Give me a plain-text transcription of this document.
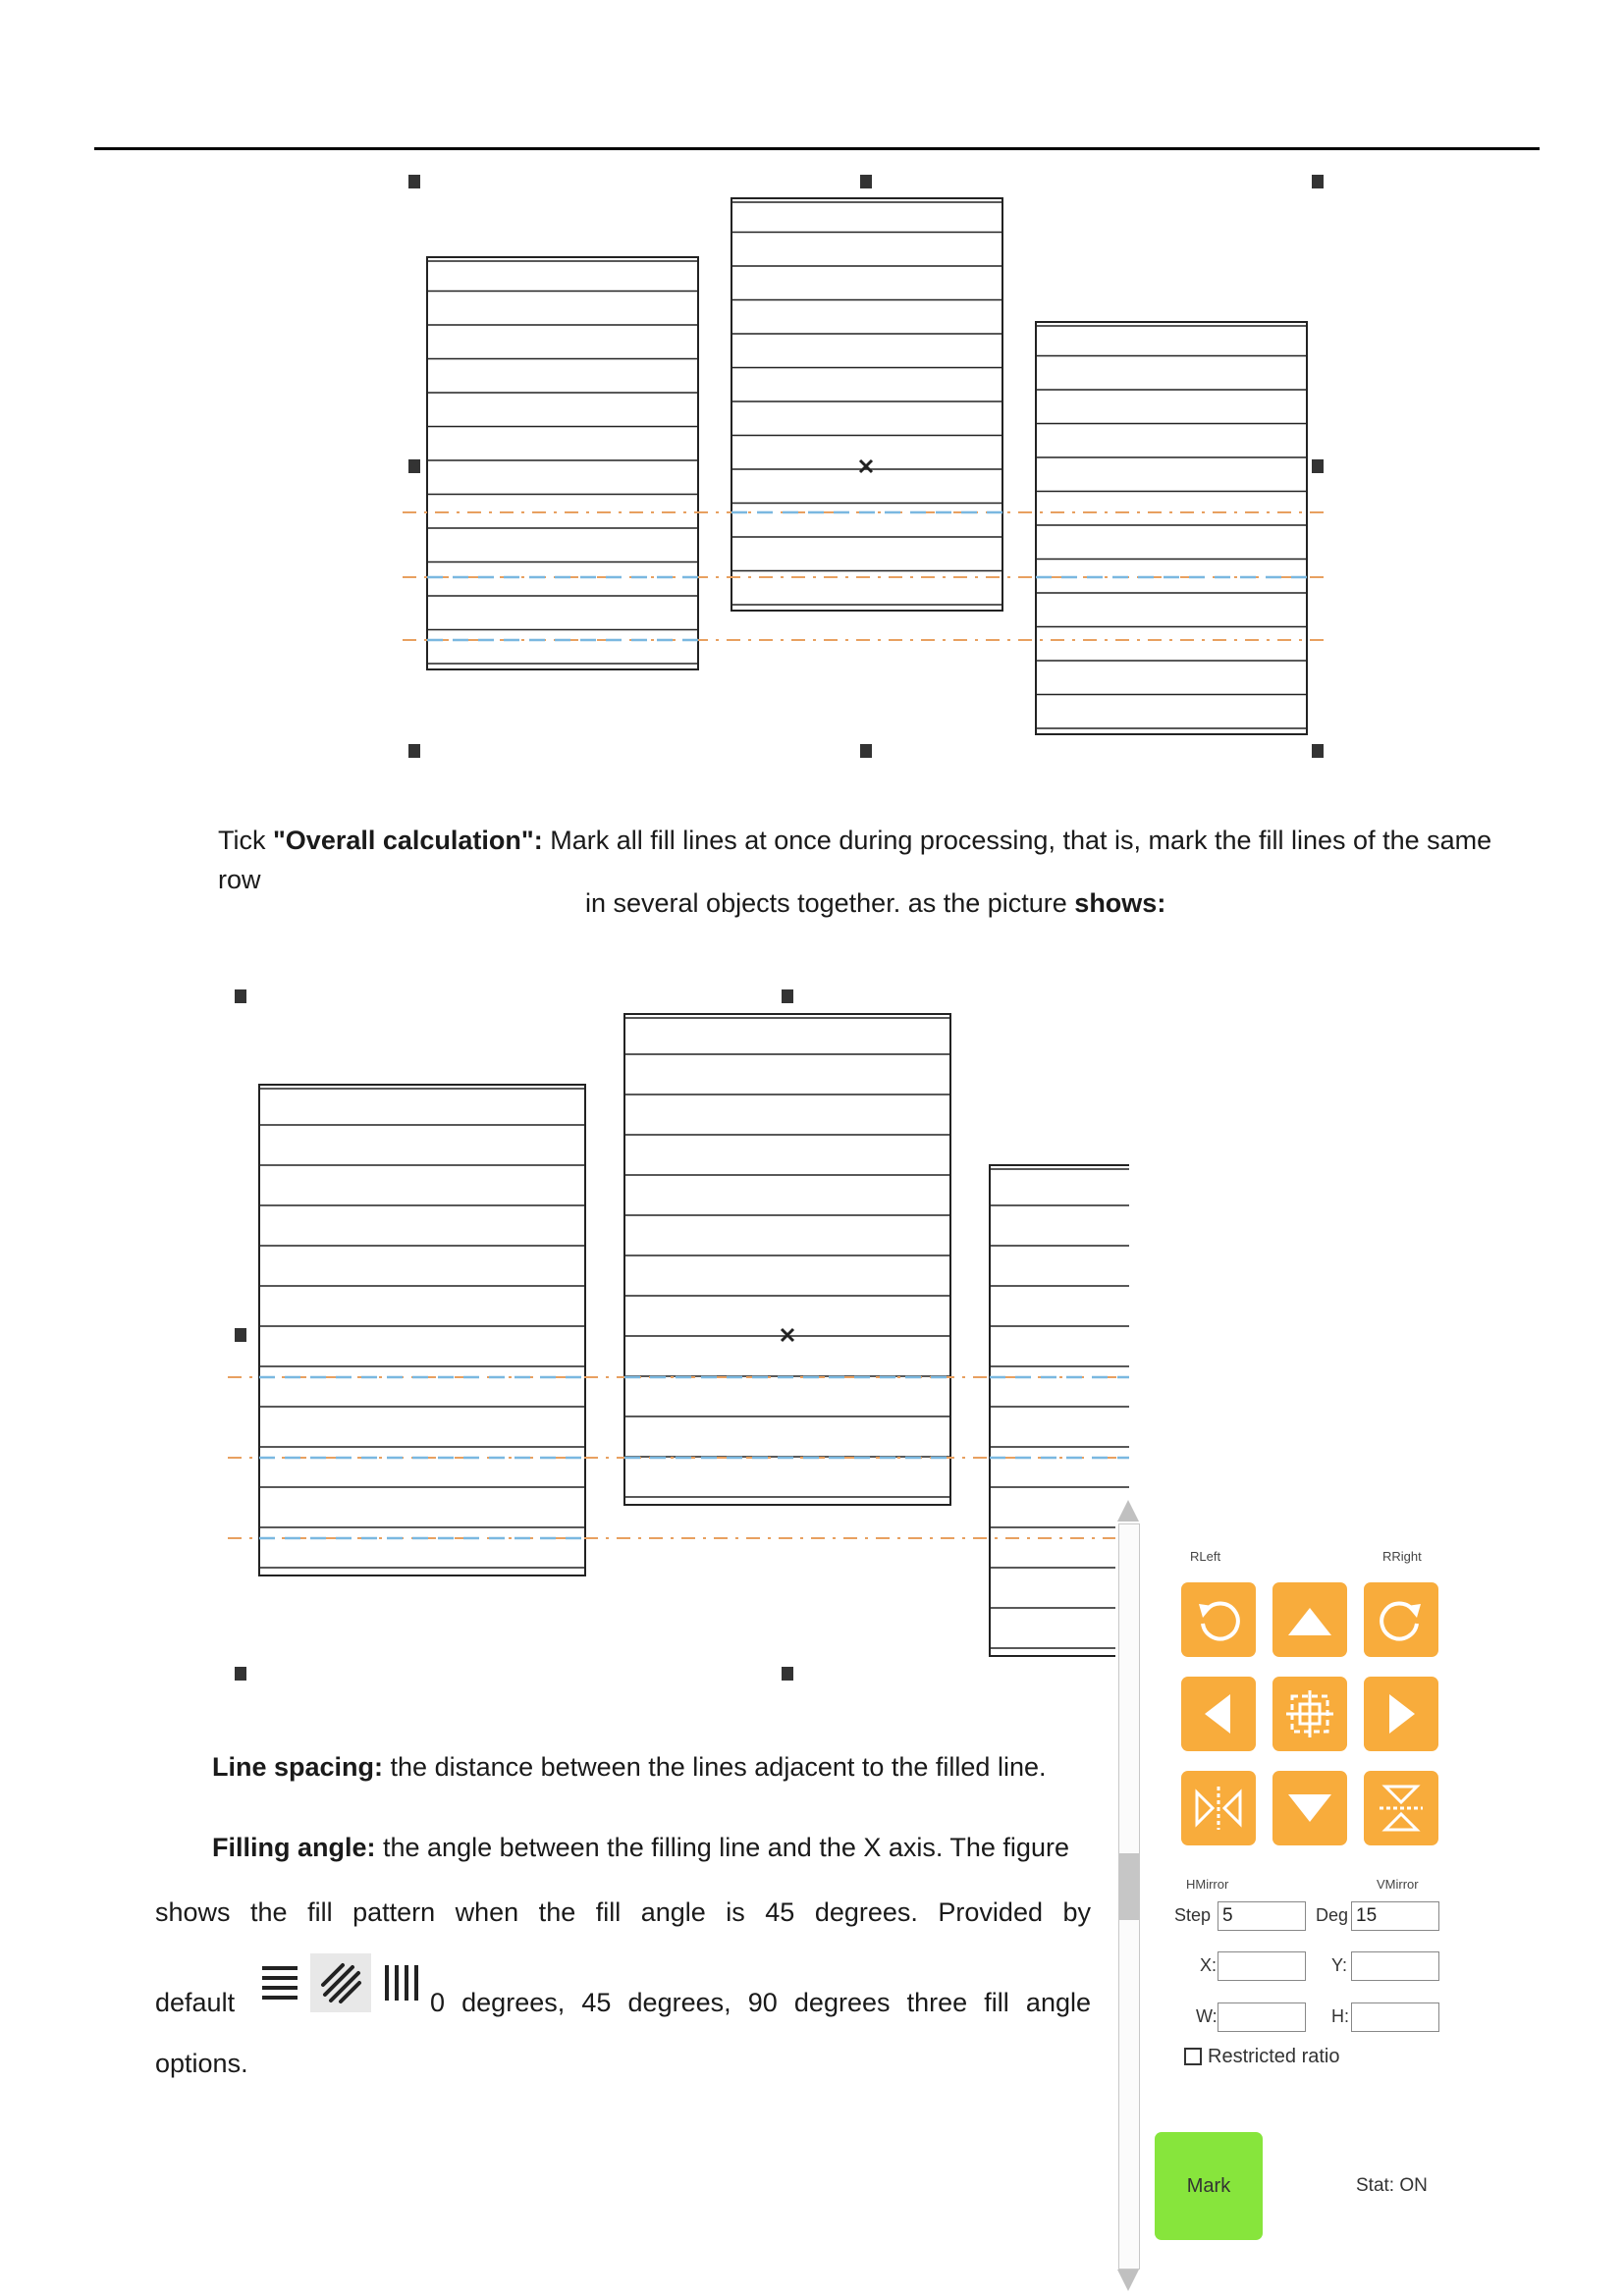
Tick "Overall calculation": Mark all fill lines at once during processing, that is, mark the fill lines of the same row
in several objects together. as the picture shows:
Line spacing: the distance between the lines adjacent to the filled line.
Filling angle: the angle between the filling line and the X axis. The figure
shows the fill pattern when the fill angle is 45 degrees. Provided by
default	0 degrees, 45 degrees, 90 degrees three fill angle
options.
RLeft	RRight
HMirror	VMirror
Step 5	Deg 15
X:	Y:
W:	H:
Restricted ratio
Mark	Stat: ON
